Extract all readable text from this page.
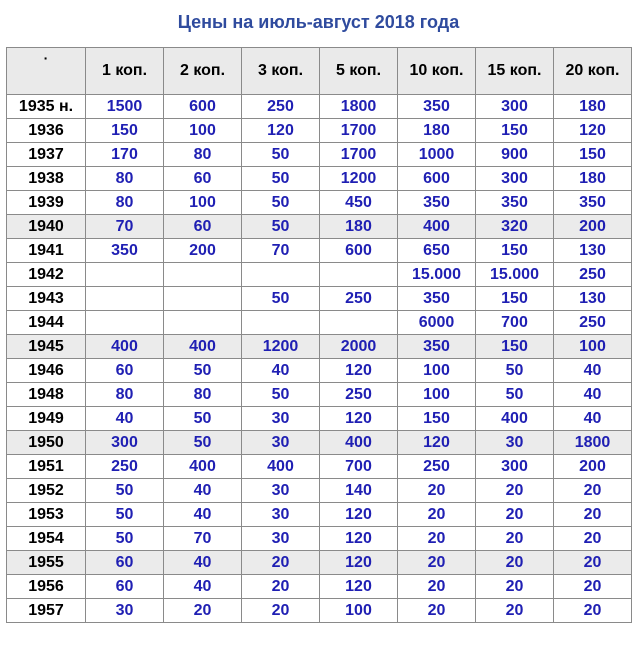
Цены на июль-август 2018 года
·	1 коп.	2 коп.	3 коп.	5 коп.	10 коп.	15 коп.	20 коп.
1935 н.	1500	600	250	1800	350	300	180
1936	150	100	120	1700	180	150	120
1937	170	80	50	1700	1000	900	150
1938	80	60	50	1200	600	300	180
1939	80	100	50	450	350	350	350
1940	70	60	50	180	400	320	200
1941	350	200	70	600	650	150	130
1942					15.000	15.000	250
1943			50	250	350	150	130
1944					6000	700	250
1945	400	400	1200	2000	350	150	100
1946	60	50	40	120	100	50	40
1948	80	80	50	250	100	50	40
1949	40	50	30	120	150	400	40
1950	300	50	30	400	120	30	1800
1951	250	400	400	700	250	300	200
1952	50	40	30	140	20	20	20
1953	50	40	30	120	20	20	20
1954	50	70	30	120	20	20	20
1955	60	40	20	120	20	20	20
1956	60	40	20	120	20	20	20
1957	30	20	20	100	20	20	20
